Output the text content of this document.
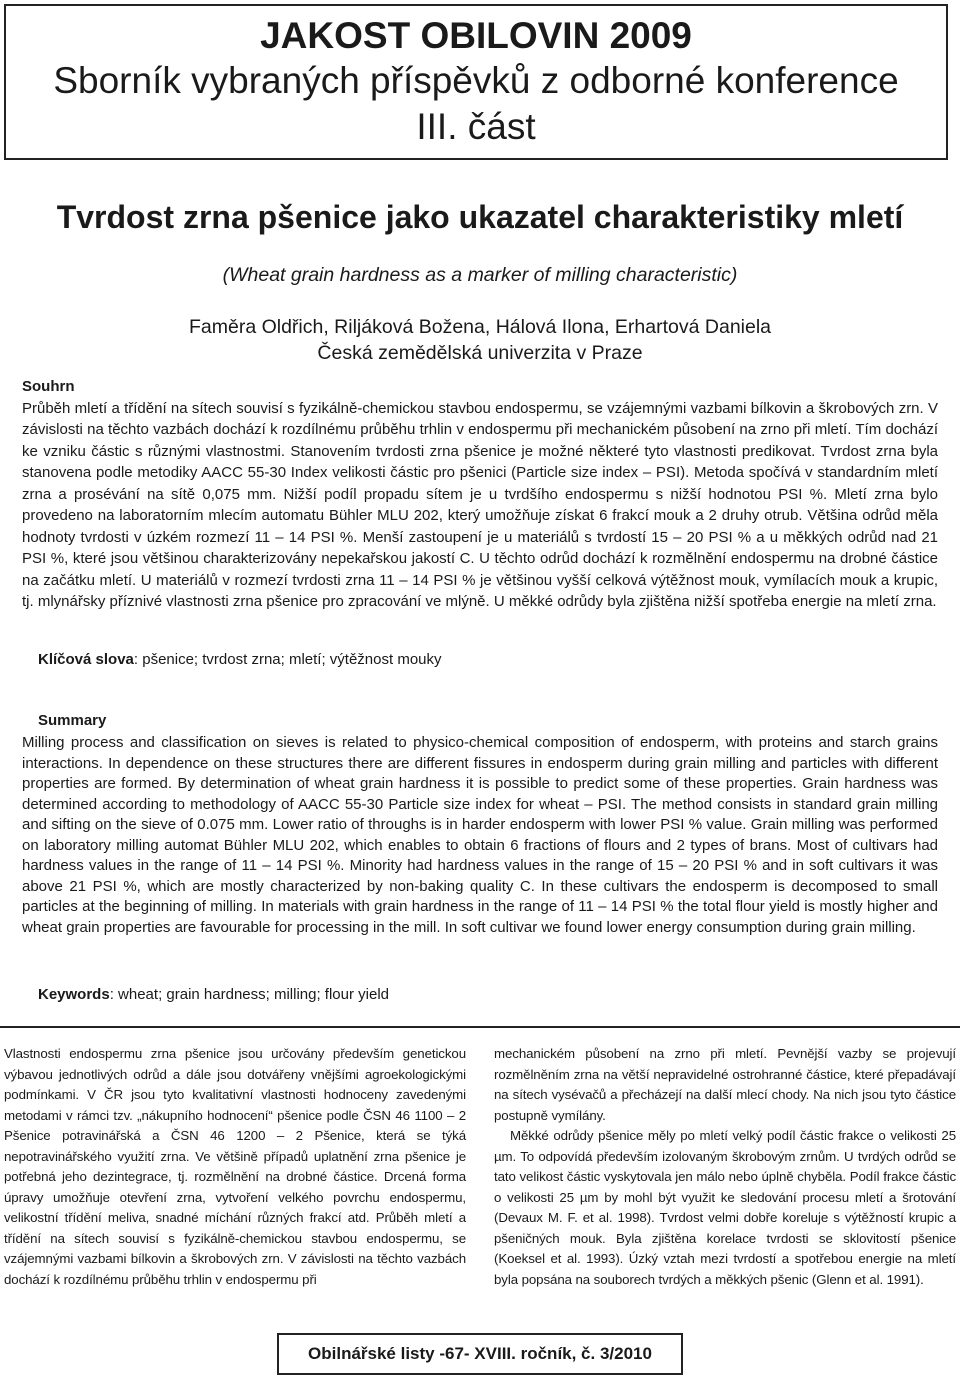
JAKOST OBILOVIN 2009
Sborník vybraných příspěvků z odborné konference
III. část
Tvrdost zrna pšenice jako ukazatel charakteristiky mletí
(Wheat grain hardness as a marker of milling characteristic)
Faměra Oldřich, Riljáková Božena, Hálová Ilona, Erhartová Daniela
Česká zemědělská univerzita v Praze
Souhrn

Průběh mletí a třídění na sítech souvisí s fyzikálně-chemickou stavbou endospermu, se vzájemnými vazbami bílkovin a škrobových zrn. V závislosti na těchto vazbách dochází k rozdílnému průběhu trhlin v endospermu při mechanickém působení na zrno při mletí. Tím dochází ke vzniku částic s různými vlastnostmi. Stanovením tvrdosti zrna pšenice je možné některé tyto vlastnosti predikovat. Tvrdost zrna byla stanovena podle metodiky AACC 55-30 Index velikosti částic pro pšenici (Particle size index – PSI). Metoda spočívá v standardním mletí zrna a prosévání na sítě 0,075 mm. Nižší podíl propadu sítem je u tvrdšího endospermu s nižší hodnotou PSI %. Mletí zrna bylo provedeno na laboratorním mlecím automatu Bühler MLU 202, který umožňuje získat 6 frakcí mouk a 2 druhy otrub. Většina odrůd měla hodnoty tvrdosti v úzkém rozmezí 11 – 14 PSI %. Menší zastoupení je u materiálů s tvrdostí 15 – 20 PSI % a u měkkých odrůd nad 21 PSI %, které jsou většinou charakterizovány nepekařskou jakostí C. U těchto odrůd dochází k rozmělnění endospermu na drobné částice na začátku mletí. U materiálů v rozmezí tvrdosti zrna 11 – 14 PSI % je většinou vyšší celková výtěžnost mouk, vymílacích mouk a krupic, tj. mlynářsky příznivé vlastnosti zrna pšenice pro zpracování ve mlýně. U měkké odrůdy byla zjištěna nižší spotřeba energie na mletí zrna.

Klíčová slova: pšenice; tvrdost zrna; mletí; výtěžnost mouky
Summary

Milling process and classification on sieves is related to physico-chemical composition of endosperm, with proteins and starch grains interactions. In dependence on these structures there are different fissures in endosperm during grain milling and particles with different properties are formed. By determination of wheat grain hardness it is possible to predict some of these properties. Grain hardness was determined according to methodology of AACC 55-30 Particle size index for wheat – PSI. The method consists in standard grain milling and sifting on the sieve of 0.075 mm. Lower ratio of throughs is in harder endosperm with lower PSI % value. Grain milling was performed on laboratory milling automat Bühler MLU 202, which enables to obtain 6 fractions of flours and 2 types of brans. Most of cultivars had hardness values in the range of 11 – 14 PSI %. Minority had hardness values in the range of 15 – 20 PSI % and in soft cultivars it was above 21 PSI %, which are mostly characterized by non-baking quality C. In these cultivars the endosperm is decomposed to small particles at the beginning of milling. In materials with grain hardness in the range of 11 – 14 PSI % the total flour yield is mostly higher and wheat grain properties are favourable for processing in the mill. In soft cultivar we found lower energy consumption during grain milling.

Keywords: wheat; grain hardness; milling; flour yield

Vlastnosti endospermu zrna pšenice jsou určovány především genetickou výbavou jednotlivých odrůd a dále jsou dotvářeny vnějšími agroekologickými podmínkami. V ČR jsou tyto kvalitativní vlastnosti hodnoceny zavedenými metodami v rámci tzv. „nákupního hodnocení“ pšenice podle ČSN 46 1100 – 2 Pšenice potravinářská a ČSN 46 1200 – 2 Pšenice, která se týká nepotravinářského využití zrna. Ve většině případů uplatnění zrna pšenice je potřebná jeho dezintegrace, tj. rozmělnění na drobné částice. Drcená forma úpravy umožňuje otevření zrna, vytvoření velkého povrchu endospermu, velikostní třídění meliva, snadné míchání různých frakcí atd. Průběh mletí a třídění na sítech souvisí s fyzikálně-chemickou stavbou endospermu, se vzájemnými vazbami bílkovin a škrobových zrn. V závislosti na těchto vazbách dochází k rozdílnému průběhu trhlin v endospermu při

mechanickém působení na zrno při mletí. Pevnější vazby se projevují rozmělněním zrna na větší nepravidelné ostrohranné částice, které přepadávají na sítech vysévačů a přecházejí na další mlecí chody. Na nich jsou tyto částice postupně vymílány.

Měkké odrůdy pšenice měly po mletí velký podíl částic frakce o velikosti 25 µm. To odpovídá především izolovaným škrobovým zrnům. U tvrdých odrůd se tato velikost částic vyskytovala jen málo nebo úplně chyběla. Podíl frakce částic o velikosti 25 µm by mohl být využit ke sledování procesu mletí a šrotování (Devaux M. F. et al. 1998). Tvrdost velmi dobře koreluje s výtěžností krupic a pšeničných mouk. Byla zjištěna korelace tvrdosti se sklovitostí pšenice (Koeksel et al. 1993). Úzký vztah mezi tvrdostí a spotřebou energie na mletí byla popsána na souborech tvrdých a měkkých pšenic (Glenn et al. 1991).

Obilnářské listy -67- XVIII. ročník, č. 3/2010
